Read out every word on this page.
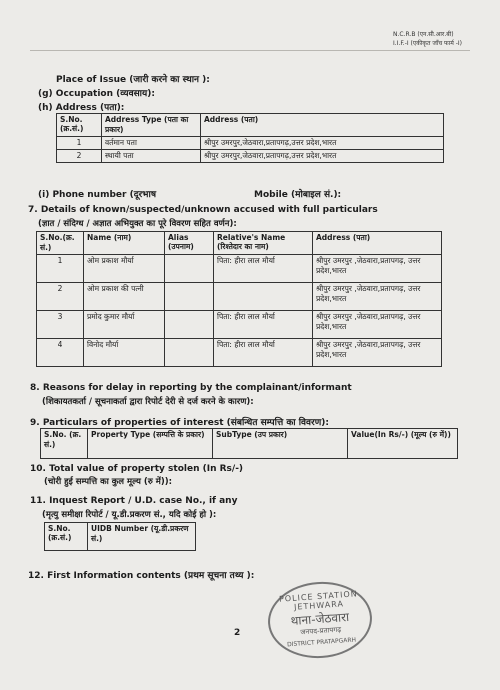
N.C.R.B (एन.सी.आर.बी)
I.I.F.-I (एकीकृत जाँच फार्म -I)
Place of Issue (जारी करने का स्थान ):
(g) Occupation (व्यवसाय):
(h) Address (पता):
S.No. (क्र.सं.)	Address Type (पता का प्रकार)	Address (पता)
1	वर्तमान पता	श्रीपुर उमरपुर,जेठवारा,प्रतापगढ़,उत्तर प्रदेश,भारत
2	स्थायी पता	श्रीपुर उमरपुर,जेठवारा,प्रतापगढ़,उत्तर प्रदेश,भारत
(i) Phone number (दूरभाष	Mobile (मोबाइल सं.):
7. Details of known/suspected/unknown accused with full particulars
(ज्ञात / संदिग्ध / अज्ञात अभियुक्त का पूरे विवरण सहित वर्णन):
S.No.(क्र. सं.)	Name (नाम)	Alias (उपनाम)	Relative's Name (रिश्तेदार का नाम)	Address (पता)
1	ओम प्रकाश मौर्या		पिता: हीरा लाल मौर्या	श्रीपुर उमरपुर ,जेठवारा,प्रतापगढ़, उत्तर प्रदेश,भारत
2	ओम प्रकाश की पत्नी			श्रीपुर उमरपुर ,जेठवारा,प्रतापगढ़, उत्तर प्रदेश,भारत
3	प्रमोद कुमार मौर्या		पिता: हीरा लाल मौर्या	श्रीपुर उमरपुर ,जेठवारा,प्रतापगढ़, उत्तर प्रदेश,भारत
4	विनोद मौर्या		पिता: हीरा लाल मौर्या	श्रीपुर उमरपुर ,जेठवारा,प्रतापगढ़, उत्तर प्रदेश,भारत
8. Reasons for delay in reporting by the complainant/informant
(शिकायतकर्ता / सूचनाकर्ता द्वारा रिपोर्ट देरी से दर्ज करने के कारण):
9. Particulars of properties of interest (संबन्धित सम्पत्ति का विवरण):
S.No. (क्र. सं.)	Property Type (सम्पत्ति के प्रकार)	SubType (उप प्रकार)	Value(In Rs/-) (मूल्य (रु में))
10. Total value of property stolen (In Rs/-)
(चोरी हुई सम्पत्ति का कुल मूल्य (रु में)):
11. Inquest Report / U.D. case No., if any
(मृत्यु समीक्षा रिपोर्ट / यू.डी.प्रकरण सं., यदि कोई हो ):
S.No. (क्र.सं.)	UIDB Number (यू.डी.प्रकरण सं.)
12. First Information contents (प्रथम सूचना तथ्य ):
POLICE STATION JETHWARA
थाना-जेठवारा
जनपद-प्रतापगढ़
DISTRICT PRATAPGARH
2
